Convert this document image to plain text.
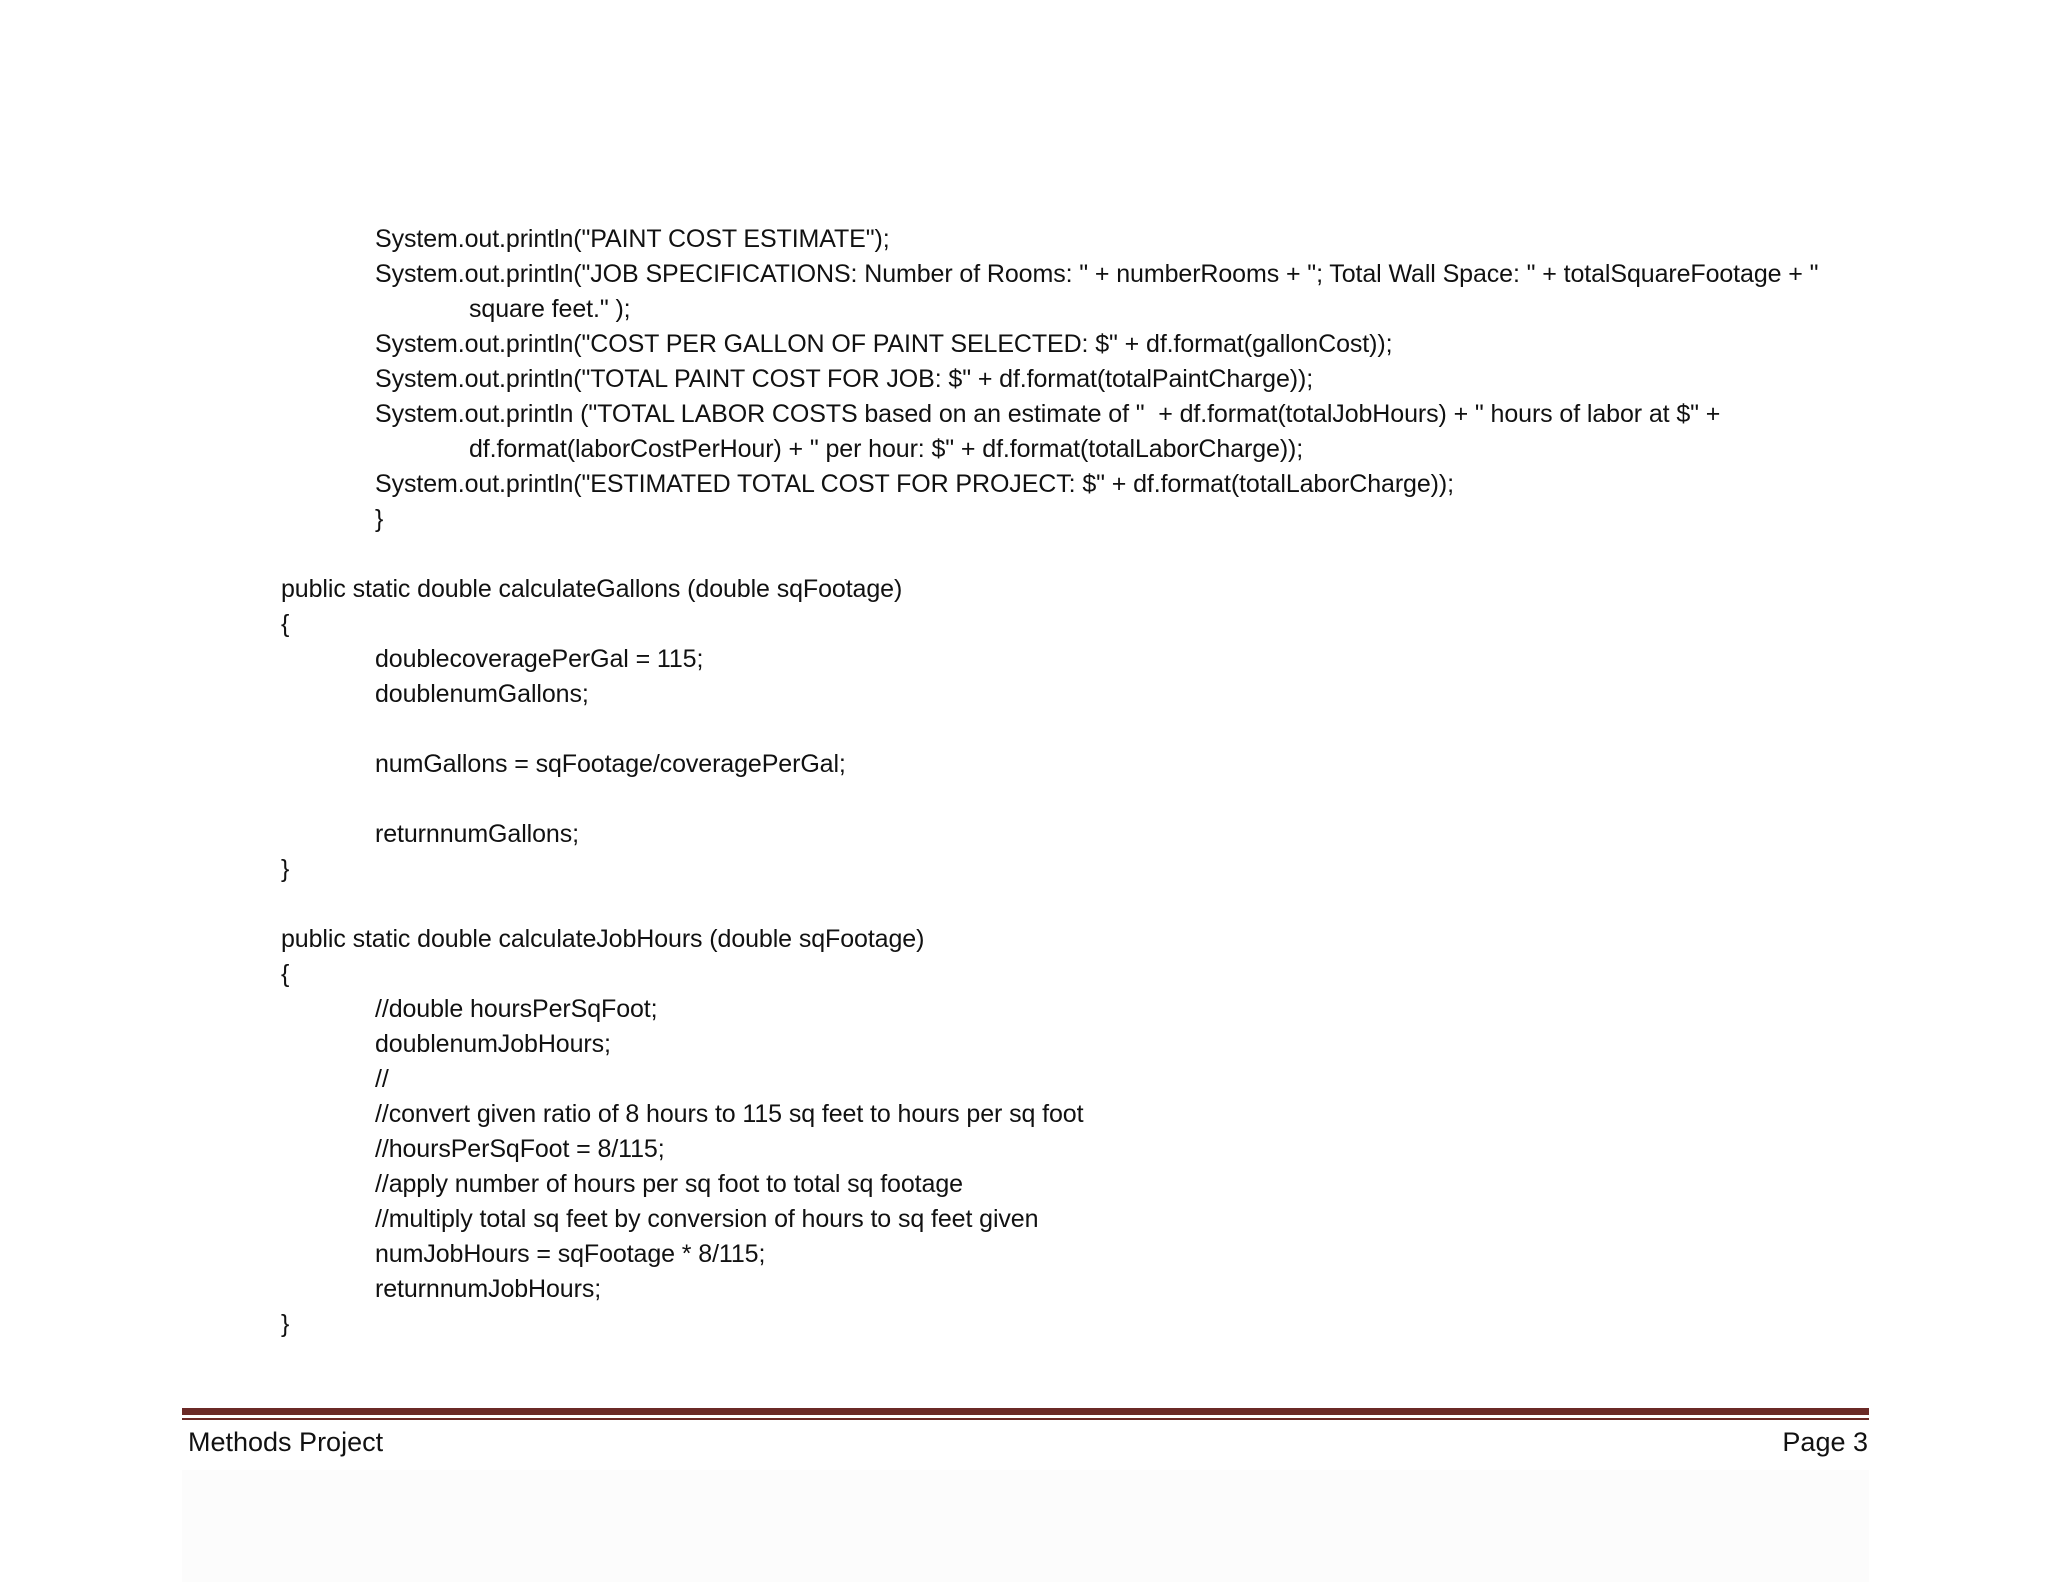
System.out.println("PAINT COST ESTIMATE");
System.out.println("JOB SPECIFICATIONS: Number of Rooms: " + numberRooms + "; Total Wall Space: " + totalSquareFootage + "
square feet." );
System.out.println("COST PER GALLON OF PAINT SELECTED: $" + df.format(gallonCost));
System.out.println("TOTAL PAINT COST FOR JOB: $" + df.format(totalPaintCharge));
System.out.println ("TOTAL LABOR COSTS based on an estimate of "  + df.format(totalJobHours) + " hours of labor at $" +
df.format(laborCostPerHour) + " per hour: $" + df.format(totalLaborCharge));
System.out.println("ESTIMATED TOTAL COST FOR PROJECT: $" + df.format(totalLaborCharge));
}
public static double calculateGallons (double sqFootage)
{
doublecoveragePerGal = 115;
doublenumGallons;
numGallons = sqFootage/coveragePerGal;
returnnumGallons;
}
public static double calculateJobHours (double sqFootage)
{
//double hoursPerSqFoot;
doublenumJobHours;
//
//convert given ratio of 8 hours to 115 sq feet to hours per sq foot
//hoursPerSqFoot = 8/115;
//apply number of hours per sq foot to total sq footage
//multiply total sq feet by conversion of hours to sq feet given
numJobHours = sqFootage * 8/115;
returnnumJobHours;
}
Methods Project	Page 3
